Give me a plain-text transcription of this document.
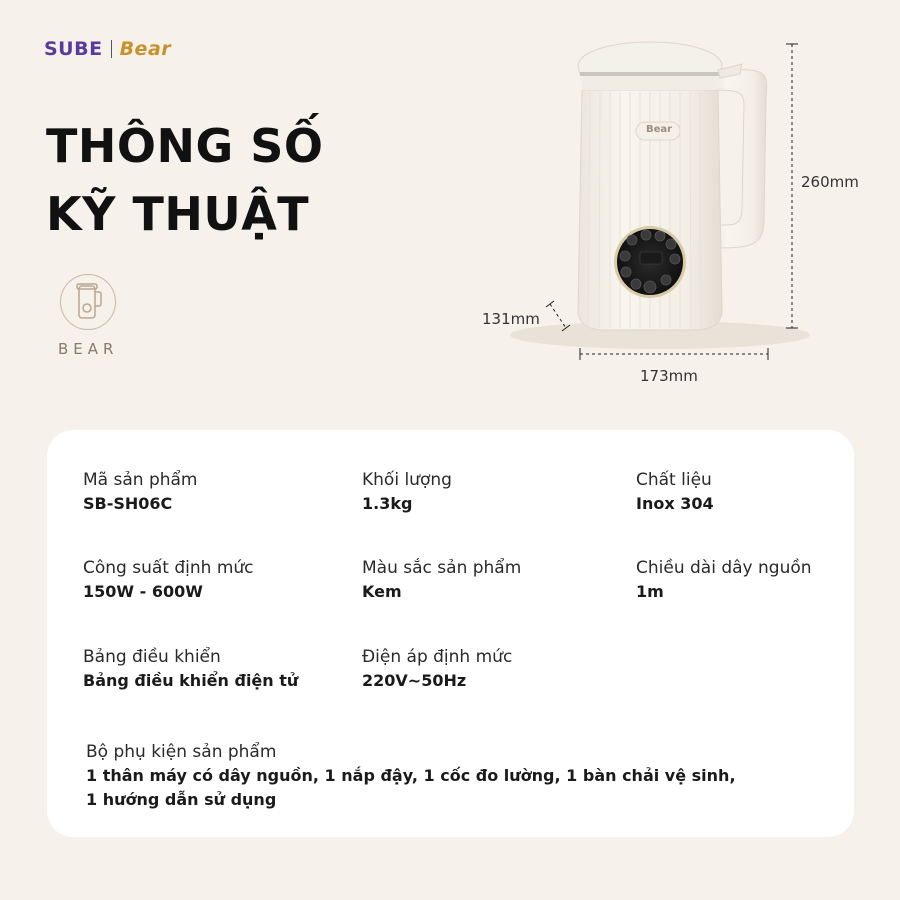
SUBE Bear
THÔNG SỐ
KỸ THUẬT
BEAR
Bear
260mm
131mm
173mm
Mã sản phẩm
SB-SH06C
Khối lượng
1.3kg
Chất liệu
Inox 304
Công suất định mức
150W - 600W
Màu sắc sản phẩm
Kem
Chiều dài dây nguồn
1m
Bảng điều khiển
Bảng điều khiển điện tử
Điện áp định mức
220V~50Hz
Bộ phụ kiện sản phẩm
1 thân máy có dây nguồn, 1 nắp đậy, 1 cốc đo lường, 1 bàn chải vệ sinh,
1 hướng dẫn sử dụng
